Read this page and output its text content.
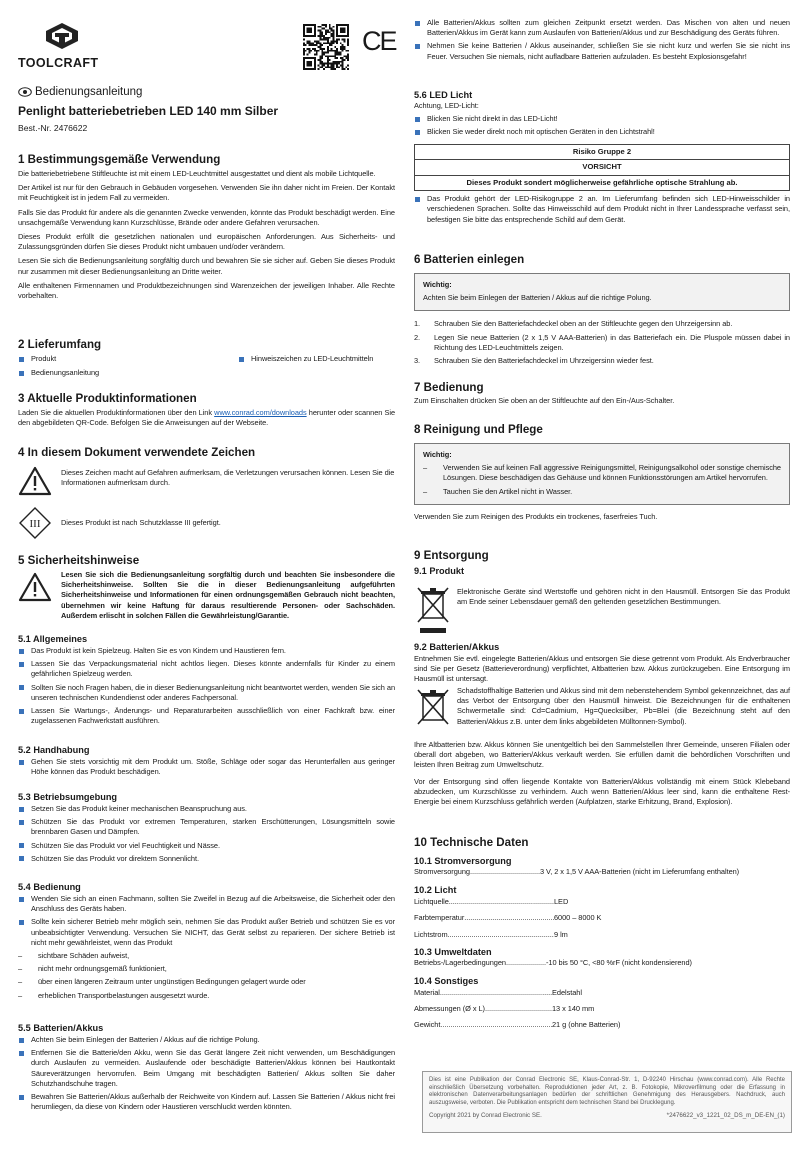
TOOLCRAFT
Bedienungsanleitung
Penlight batteriebetrieben LED 140 mm Silber
Best.-Nr. 2476622
1 Bestimmungsgemäße Verwendung
Die batteriebetriebene Stiftleuchte ist mit einem LED-Leuchtmittel ausgestattet und dient als mobile Lichtquelle.
Der Artikel ist nur für den Gebrauch in Gebäuden vorgesehen. Verwenden Sie ihn daher nicht im Freien. Der Kontakt mit Feuchtigkeit ist in jedem Fall zu vermeiden.
Falls Sie das Produkt für andere als die genannten Zwecke verwenden, könnte das Produkt beschädigt werden. Eine unsachgemäße Verwendung kann Kurzschlüsse, Brände oder andere Gefahren verursachen.
Dieses Produkt erfüllt die gesetzlichen nationalen und europäischen Anforderungen. Aus Sicherheits- und Zulassungsgründen dürfen Sie dieses Produkt nicht umbauen und/oder verändern.
Lesen Sie sich die Bedienungsanleitung sorgfältig durch und bewahren Sie sie sicher auf. Geben Sie dieses Produkt nur zusammen mit dieser Bedienungsanleitung an Dritte weiter.
Alle enthaltenen Firmennamen und Produktbezeichnungen sind Warenzeichen der jeweiligen Inhaber. Alle Rechte vorbehalten.
2 Lieferumfang
Produkt	Hinweiszeichen zu LED-Leuchtmitteln
Bedienungsanleitung
3 Aktuelle Produktinformationen
Laden Sie die aktuellen Produktinformationen über den Link www.conrad.com/downloads herunter oder scannen Sie den abgebildeten QR-Code. Befolgen Sie die Anweisungen auf der Webseite.
4 In diesem Dokument verwendete Zeichen
Dieses Zeichen macht auf Gefahren aufmerksam, die Verletzungen verursachen können. Lesen Sie die Informationen aufmerksam durch.
III	Dieses Produkt ist nach Schutzklasse III gefertigt.
5 Sicherheitshinweise
Lesen Sie sich die Bedienungsanleitung sorgfältig durch und beachten Sie insbesondere die Sicherheitshinweise. Sollten Sie die in dieser Bedienungsanleitung aufgeführten Sicherheitshinweise und Informationen für einen ordnungsgemäßen Gebrauch nicht beachten, übernehmen wir keine Haftung für daraus resultierende Personen- oder Sachschäden. Außerdem erlischt in solchen Fällen die Gewährleistung/Garantie.
5.1 Allgemeines
Das Produkt ist kein Spielzeug. Halten Sie es von Kindern und Haustieren fern.
Lassen Sie das Verpackungsmaterial nicht achtlos liegen. Dieses könnte andernfalls für Kinder zu einem gefährlichen Spielzeug werden.
Sollten Sie noch Fragen haben, die in dieser Bedienungsanleitung nicht beantwortet werden, wenden Sie sich an unseren technischen Kundendienst oder anderes Fachpersonal.
Lassen Sie Wartungs-, Änderungs- und Reparaturarbeiten ausschließlich von einer Fachkraft bzw. einer zugelassenen Fachwerkstatt ausführen.
5.2 Handhabung
Gehen Sie stets vorsichtig mit dem Produkt um. Stöße, Schläge oder sogar das Herunterfallen aus geringer Höhe können das Produkt beschädigen.
5.3 Betriebsumgebung
Setzen Sie das Produkt keiner mechanischen Beanspruchung aus.
Schützen Sie das Produkt vor extremen Temperaturen, starken Erschütterungen, Lösungsmitteln sowie brennbaren Gasen und Dämpfen.
Schützen Sie das Produkt vor viel Feuchtigkeit und Nässe.
Schützen Sie das Produkt vor direktem Sonnenlicht.
5.4 Bedienung
Wenden Sie sich an einen Fachmann, sollten Sie Zweifel in Bezug auf die Arbeitsweise, die Sicherheit oder den Anschluss des Geräts haben.
Sollte kein sicherer Betrieb mehr möglich sein, nehmen Sie das Produkt außer Betrieb und schützen Sie es vor unbeabsichtigter Verwendung. Versuchen Sie NICHT, das Gerät selbst zu reparieren. Der sichere Betrieb ist nicht mehr gewährleistet, wenn das Produkt
– sichtbare Schäden aufweist,
– nicht mehr ordnungsgemäß funktioniert,
– über einen längeren Zeitraum unter ungünstigen Bedingungen gelagert wurde oder
– erheblichen Transportbelastungen ausgesetzt wurde.
5.5 Batterien/Akkus
Achten Sie beim Einlegen der Batterien / Akkus auf die richtige Polung.
Entfernen Sie die Batterie/den Akku, wenn Sie das Gerät längere Zeit nicht verwenden, um Beschädigungen durch Auslaufen zu vermeiden. Auslaufende oder beschädigte Batterien/Akkus können bei Hautkontakt Säureverätzungen hervorrufen. Beim Umgang mit beschädigten Batterien/ Akkus sollten Sie daher Schutzhandschuhe tragen.
Bewahren Sie Batterien/Akkus außerhalb der Reichweite von Kindern auf. Lassen Sie Batterien / Akkus nicht frei herumliegen, da diese von Kindern oder Haustieren verschluckt werden könnten.
CE
Alle Batterien/Akkus sollten zum gleichen Zeitpunkt ersetzt werden. Das Mischen von alten und neuen Batterien/Akkus im Gerät kann zum Auslaufen von Batterien/Akkus und zur Beschädigung des Geräts führen.
Nehmen Sie keine Batterien / Akkus auseinander, schließen Sie sie nicht kurz und werfen Sie sie nicht ins Feuer. Versuchen Sie niemals, nicht aufladbare Batterien aufzuladen. Es besteht Explosionsgefahr!
5.6 LED Licht
Achtung, LED-Licht:
Blicken Sie nicht direkt in das LED-Licht!
Blicken Sie weder direkt noch mit optischen Geräten in den Lichtstrahl!
Risiko Gruppe 2
VORSICHT
Dieses Produkt sondert möglicherweise gefährliche optische Strahlung ab.
Das Produkt gehört der LED-Risikogruppe 2 an. Im Lieferumfang befinden sich LED-Hinweisschilder in verschiedenen Sprachen. Sollte das Hinweisschild auf dem Produkt nicht in Ihrer Landessprache verfasst sein, befestigen Sie bitte das entsprechende Schild auf dem Gerät.
6 Batterien einlegen
Wichtig:
Achten Sie beim Einlegen der Batterien / Akkus auf die richtige Polung.
1. Schrauben Sie den Batteriefachdeckel oben an der Stiftleuchte gegen den Uhrzeigersinn ab.
2. Legen Sie neue Batterien (2 x 1,5 V AAA-Batterien) in das Batteriefach ein. Die Pluspole müssen dabei in Richtung des LED-Leuchtmittels zeigen.
3. Schrauben Sie den Batteriefachdeckel im Uhrzeigersinn wieder fest.
7 Bedienung
Zum Einschalten drücken Sie oben an der Stiftleuchte auf den Ein-/Aus-Schalter.
8 Reinigung und Pflege
Wichtig:
– Verwenden Sie auf keinen Fall aggressive Reinigungsmittel, Reinigungsalkohol oder sonstige chemische Lösungen. Diese beschädigen das Gehäuse und können Funktionsstörungen am Artikel hervorrufen.
– Tauchen Sie den Artikel nicht in Wasser.
Verwenden Sie zum Reinigen des Produkts ein trockenes, faserfreies Tuch.
9 Entsorgung
9.1 Produkt
Elektronische Geräte sind Wertstoffe und gehören nicht in den Hausmüll. Entsorgen Sie das Produkt am Ende seiner Lebensdauer gemäß den geltenden gesetzlichen Bestimmungen.
9.2 Batterien/Akkus
Entnehmen Sie evtl. eingelegte Batterien/Akkus und entsorgen Sie diese getrennt vom Produkt. Als Endverbraucher sind Sie per Gesetz (Batterieverordnung) verpflichtet, Altbatterien bzw. Akkus zurückzugeben. Eine Entsorgung im Hausmüll ist untersagt.
Schadstoffhaltige Batterien und Akkus sind mit dem nebenstehendem Symbol gekennzeichnet, das auf das Verbot der Entsorgung über den Hausmüll hinweist. Die Bezeichnungen für die enthaltenen Schwermetalle sind: Cd=Cadmium, Hg=Quecksilber, Pb=Blei (die Bezeichnung steht auf den Batterien/Akkus z.B. unter dem links abgebildeten Mülltonnen-Symbol).
Ihre Altbatterien bzw. Akkus können Sie unentgeltlich bei den Sammelstellen Ihrer Gemeinde, unseren Filialen oder überall dort abgeben, wo Batterien/Akkus verkauft werden. Sie erfüllen damit die behördlichen Vorschriften und leisten Ihren Beitrag zum Umweltschutz.
Vor der Entsorgung sind offen liegende Kontakte von Batterien/Akkus vollständig mit einem Stück Klebeband abzudecken, um Kurzschlüsse zu verhindern. Auch wenn Batterien/Akkus leer sind, kann die enthaltene Rest-Energie bei einem Kurzschluss gefährlich werden (Aufplatzen, starke Erhitzung, Brand, Explosion).
10 Technische Daten
10.1 Stromversorgung
Stromversorgung .....	3 V, 2 x 1,5 V AAA-Batterien (nicht im Lieferumfang enthalten)
10.2 Licht
Lichtquelle .....	LED
Farbtemperatur .....	6000 – 8000 K
Lichtstrom .....	9 lm
10.3 Umweltdaten
Betriebs-/Lagerbedingungen .....	-10 bis 50 °C, <80 %rF (nicht kondensierend)
10.4 Sonstiges
Material .....	Edelstahl
Abmessungen (Ø x L) .....	13 x 140 mm
Gewicht .....	21 g (ohne Batterien)
Dies ist eine Publikation der Conrad Electronic SE, Klaus-Conrad-Str. 1, D-92240 Hirschau (www.conrad.com). Alle Rechte einschließlich Übersetzung vorbehalten. Reproduktionen jeder Art, z. B. Fotokopie, Mikroverfilmung oder die Erfassung in elektronischen Datenverarbeitungsanlagen bedürfen der schriftlichen Genehmigung des Herausgebers. Nachdruck, auch auszugsweise, verboten. Die Publikation entspricht dem technischen Stand bei Drucklegung.
Copyright 2021 by Conrad Electronic SE.	*2476622_v3_1221_02_DS_m_DE-EN_(1)
